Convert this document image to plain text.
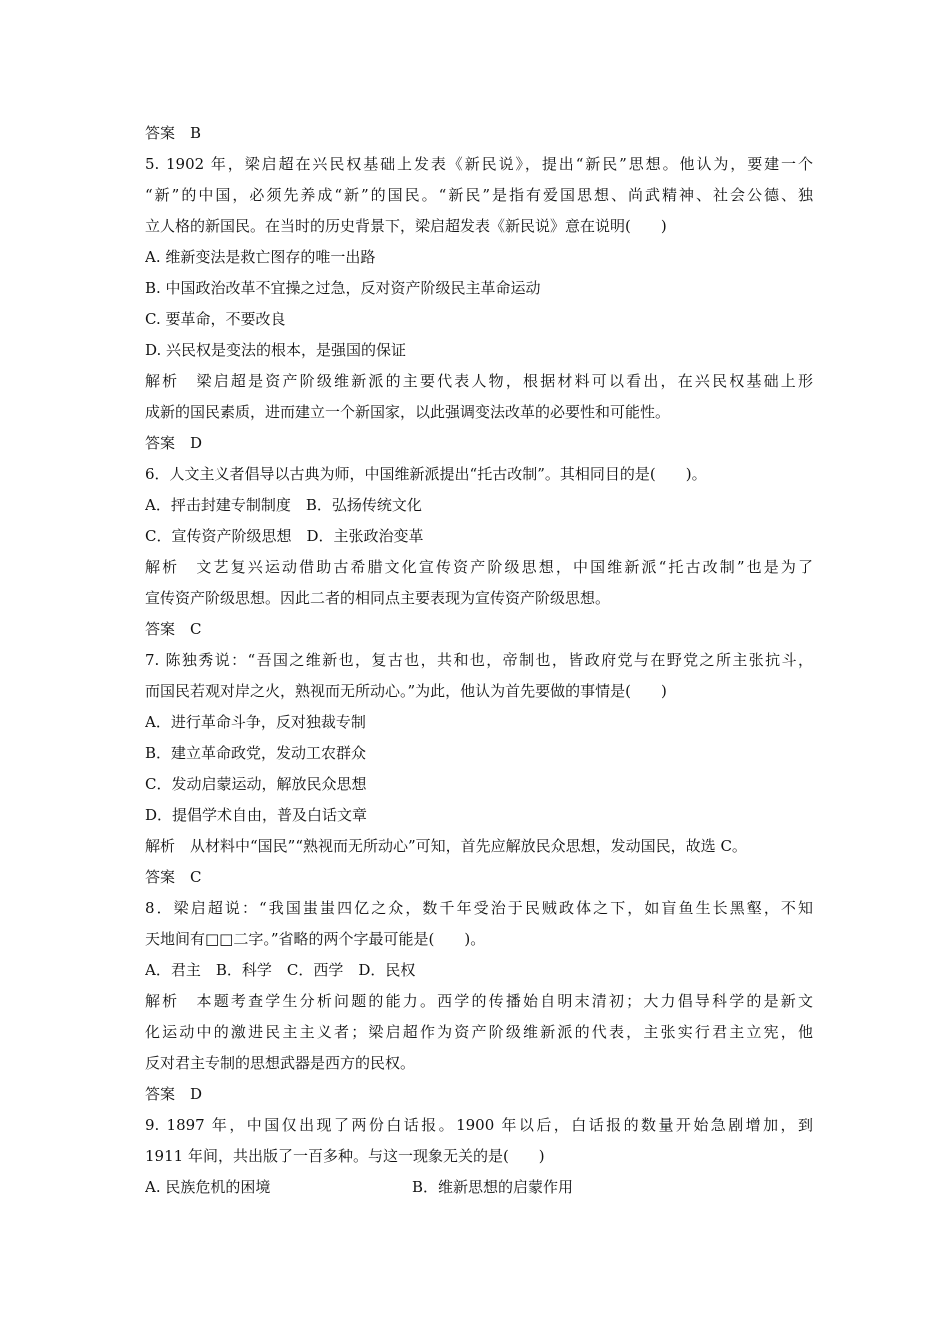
答案　B
5. 1902 年，梁启超在兴民权基础上发表《新民说》，提出“新民”思想。他认为，要建一个
“新”的中国，必须先养成“新”的国民。“新民”是指有爱国思想、尚武精神、社会公德、独
立人格的新国民。在当时的历史背景下，梁启超发表《新民说》意在说明(　　)
A. 维新变法是救亡图存的唯一出路
B. 中国政治改革不宜操之过急，反对资产阶级民主革命运动
C. 要革命，不要改良
D. 兴民权是变法的根本，是强国的保证
解析　梁启超是资产阶级维新派的主要代表人物，根据材料可以看出，在兴民权基础上形
成新的国民素质，进而建立一个新国家，以此强调变法改革的必要性和可能性。
答案　D
6．人文主义者倡导以古典为师，中国维新派提出“托古改制”。其相同目的是(　　)。
A．抨击封建专制制度　B．弘扬传统文化
C．宣传资产阶级思想　D．主张政治变革
解析　文艺复兴运动借助古希腊文化宣传资产阶级思想，中国维新派“托古改制”也是为了
宣传资产阶级思想。因此二者的相同点主要表现为宣传资产阶级思想。
答案　C
7. 陈独秀说：“吾国之维新也，复古也，共和也，帝制也，皆政府党与在野党之所主张抗斗，
而国民若观对岸之火，熟视而无所动心。”为此，他认为首先要做的事情是(　　)
A．进行革命斗争，反对独裁专制
B．建立革命政党，发动工农群众
C．发动启蒙运动，解放民众思想
D．提倡学术自由，普及白话文章
解析　从材料中“国民”“熟视而无所动心”可知，首先应解放民众思想，发动国民，故选 C。
答案　C
8．梁启超说：“我国蚩蚩四亿之众，数千年受治于民贼政体之下，如盲鱼生长黑壑，不知
天地间有□□二字。”省略的两个字最可能是(　　)。
A．君主　B．科学　C．西学　D．民权
解析　本题考查学生分析问题的能力。西学的传播始自明末清初；大力倡导科学的是新文
化运动中的激进民主主义者；梁启超作为资产阶级维新派的代表，主张实行君主立宪，他
反对君主专制的思想武器是西方的民权。
答案　D
9. 1897 年，中国仅出现了两份白话报。1900 年以后，白话报的数量开始急剧增加，到
1911 年间，共出版了一百多种。与这一现象无关的是(　　)
A. 民族危机的困境	B．维新思想的启蒙作用
